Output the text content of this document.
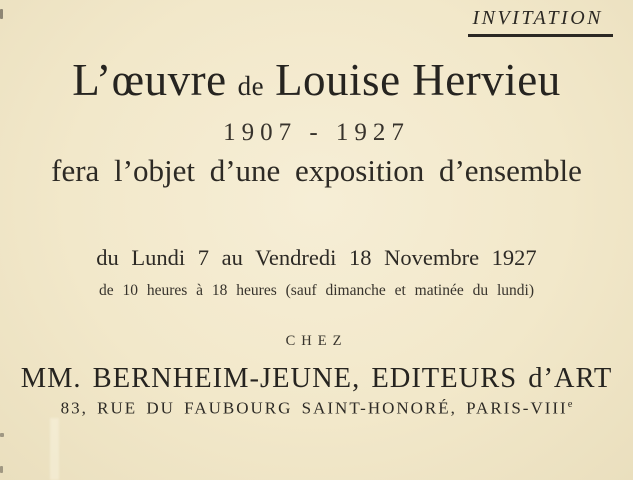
INVITATION
L’œuvre de Louise Hervieu
1907 - 1927
fera l’objet d’une exposition d’ensemble
du Lundi 7 au Vendredi 18 Novembre 1927
de 10 heures à 18 heures (sauf dimanche et matinée du lundi)
CHEZ
MM. BERNHEIM-JEUNE, EDITEURS d’ART
83, RUE DU FAUBOURG SAINT-HONORÉ, PARIS-VIIIe
